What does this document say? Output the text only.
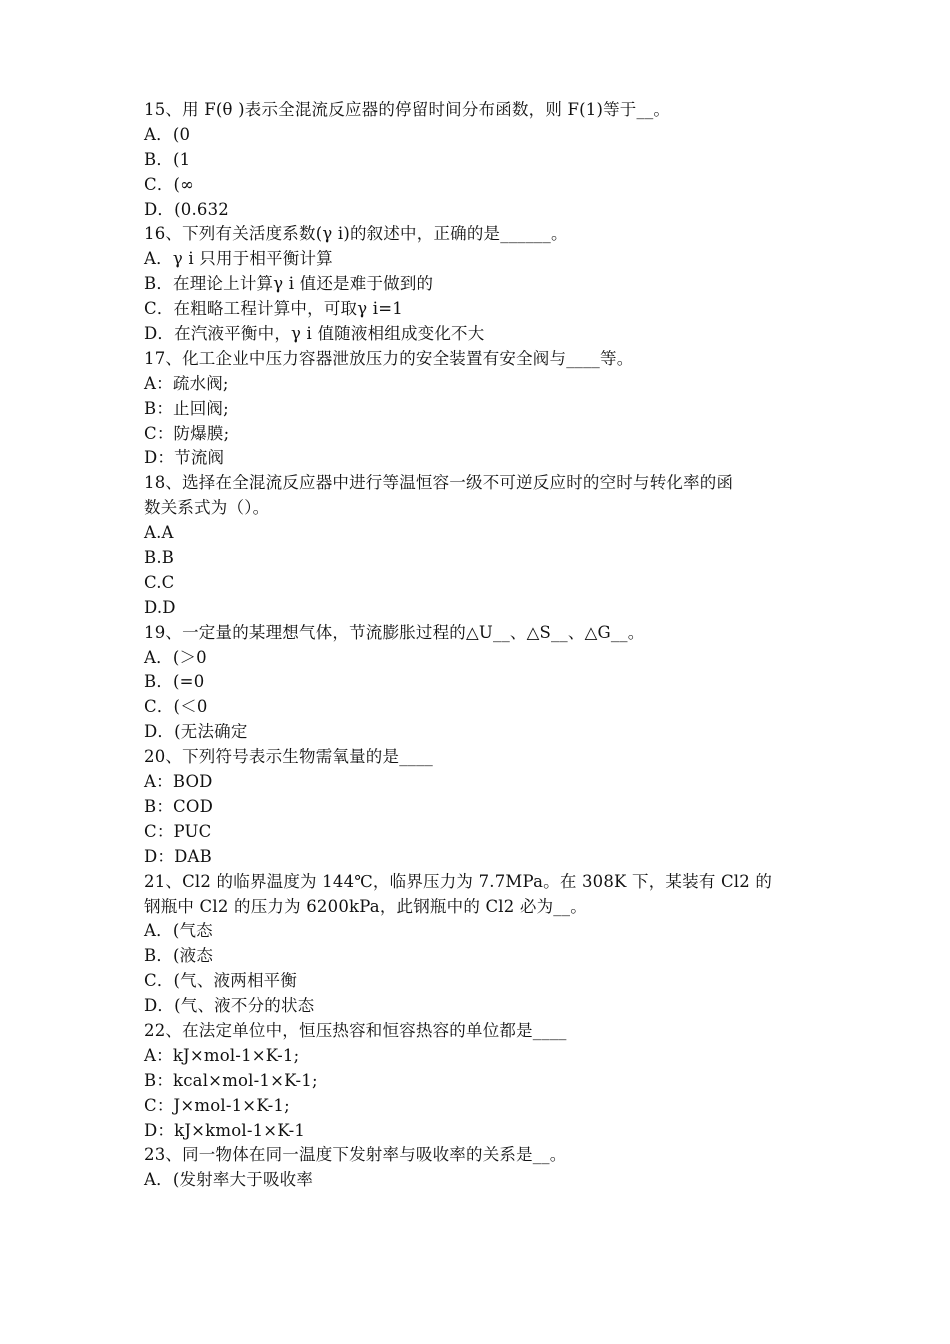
15、用 F(θ )表示全混流反应器的停留时间分布函数，则 F(1)等于__。
A．(0
B．(1
C．(∞
D．(0.632
16、下列有关活度系数(γ i)的叙述中，正确的是______。
A．γ i 只用于相平衡计算
B．在理论上计算γ i 值还是难于做到的
C．在粗略工程计算中，可取γ i=1
D．在汽液平衡中，γ i 值随液相组成变化不大
17、化工企业中压力容器泄放压力的安全装置有安全阀与____等。
A：疏水阀;
B：止回阀;
C：防爆膜;
D：节流阀
18、选择在全混流反应器中进行等温恒容一级不可逆反应时的空时与转化率的函
数关系式为（）。
A.A
B.B
C.C
D.D
19、一定量的某理想气体，节流膨胀过程的△U__、△S__、△G__。
A．(＞0
B．(=0
C．(＜0
D．(无法确定
20、下列符号表示生物需氧量的是____
A：BOD
B：COD
C：PUC
D：DAB
21、Cl2 的临界温度为 144℃，临界压力为 7.7MPa。在 308K 下，某装有 Cl2 的
钢瓶中 Cl2 的压力为 6200kPa，此钢瓶中的 Cl2 必为__。
A．(气态
B．(液态
C．(气、液两相平衡
D．(气、液不分的状态
22、在法定单位中，恒压热容和恒容热容的单位都是____
A：kJ×mol-1×K-1;
B：kcal×mol-1×K-1;
C：J×mol-1×K-1;
D：kJ×kmol-1×K-1
23、同一物体在同一温度下发射率与吸收率的关系是__。
A．(发射率大于吸收率
